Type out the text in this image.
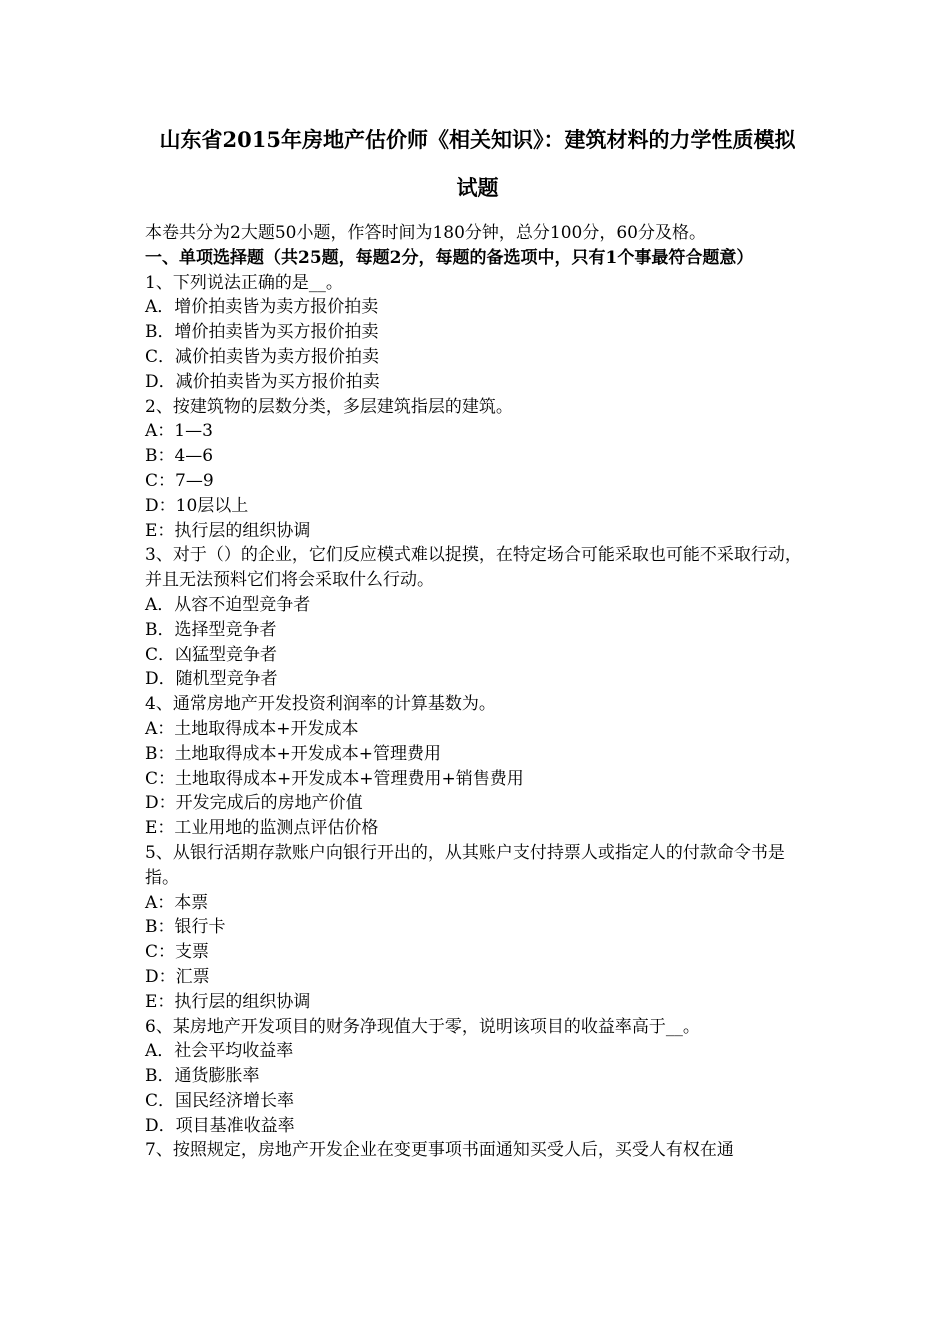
山东省2015年房地产估价师《相关知识》：建筑材料的力学性质模拟
试题
本卷共分为2大题50小题，作答时间为180分钟，总分100分，60分及格。
一、单项选择题（共25题，每题2分，每题的备选项中，只有1个事最符合题意）
1、下列说法正确的是__。
A．增价拍卖皆为卖方报价拍卖
B．增价拍卖皆为买方报价拍卖
C．减价拍卖皆为卖方报价拍卖
D．减价拍卖皆为买方报价拍卖
2、按建筑物的层数分类，多层建筑指层的建筑。
A：1—3
B：4—6
C：7—9
D：10层以上
E：执行层的组织协调
3、对于（）的企业，它们反应模式难以捉摸，在特定场合可能采取也可能不采取行动，并且无法预料它们将会采取什么行动。
A．从容不迫型竞争者
B．选择型竞争者
C．凶猛型竞争者
D．随机型竞争者
4、通常房地产开发投资利润率的计算基数为。
A：土地取得成本+开发成本
B：土地取得成本+开发成本+管理费用
C：土地取得成本+开发成本+管理费用+销售费用
D：开发完成后的房地产价值
E：工业用地的监测点评估价格
5、从银行活期存款账户向银行开出的，从其账户支付持票人或指定人的付款命令书是指。
A：本票
B：银行卡
C：支票
D：汇票
E：执行层的组织协调
6、某房地产开发项目的财务净现值大于零，说明该项目的收益率高于__。
A．社会平均收益率
B．通货膨胀率
C．国民经济增长率
D．项目基准收益率
7、按照规定，房地产开发企业在变更事项书面通知买受人后，买受人有权在通
